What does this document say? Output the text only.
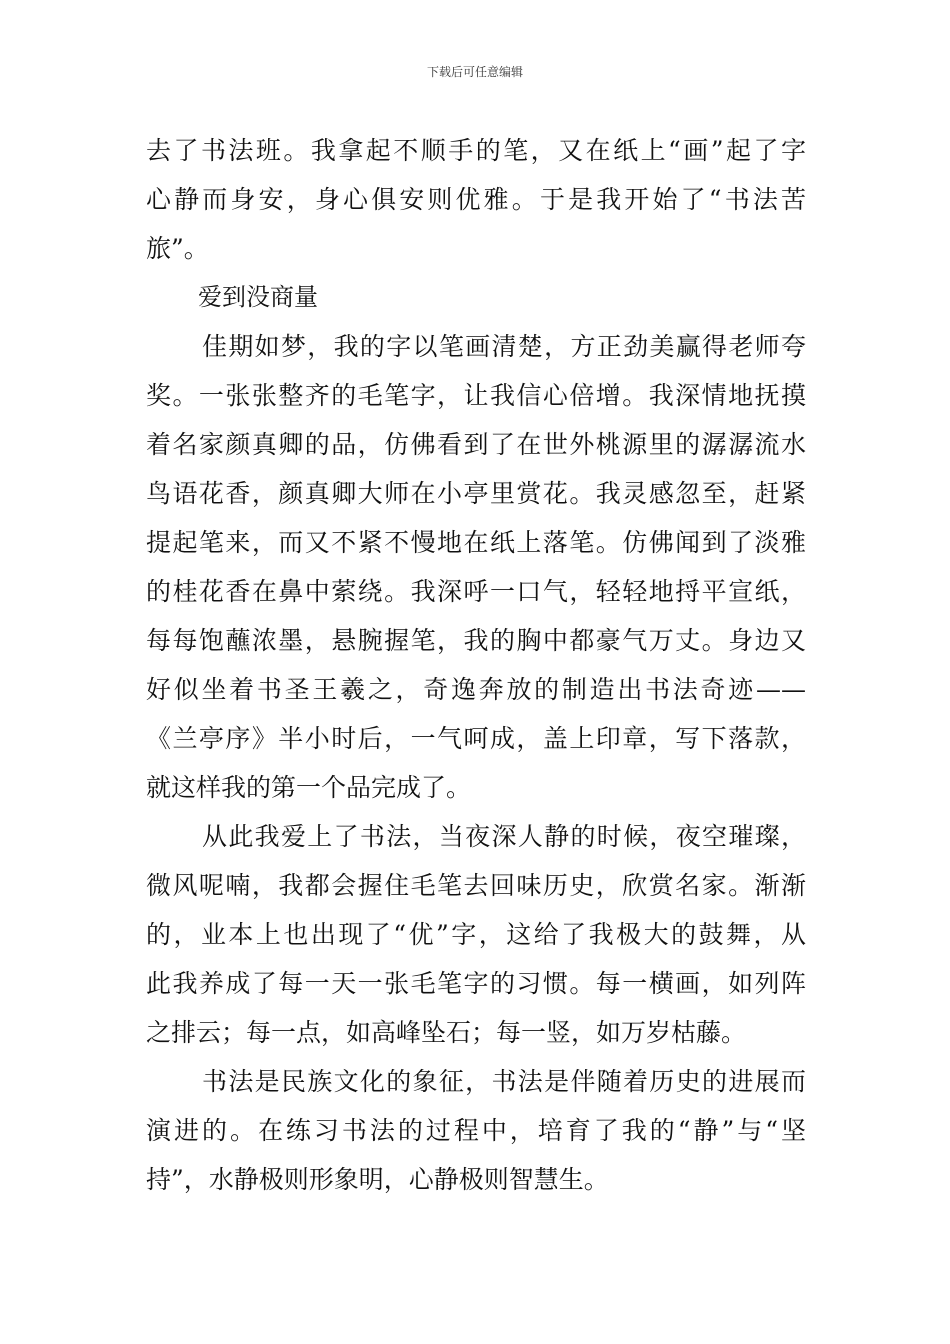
下载后可任意编辑
去了书法班。我拿起不顺手的笔，又在纸上“画”起了字
心静而身安，身心俱安则优雅。于是我开始了“书法苦
旅”。
爱到没商量
佳期如梦，我的字以笔画清楚，方正劲美赢得老师夸
奖。一张张整齐的毛笔字，让我信心倍增。我深情地抚摸
着名家颜真卿的品，仿佛看到了在世外桃源里的潺潺流水
鸟语花香，颜真卿大师在小亭里赏花。我灵感忽至，赶紧
提起笔来，而又不紧不慢地在纸上落笔。仿佛闻到了淡雅
的桂花香在鼻中萦绕。我深呼一口气，轻轻地捋平宣纸，
每每饱蘸浓墨，悬腕握笔，我的胸中都豪气万丈。身边又
好似坐着书圣王羲之，奇逸奔放的制造出书法奇迹——
《兰亭序》半小时后，一气呵成，盖上印章，写下落款，
就这样我的第一个品完成了。
从此我爱上了书法，当夜深人静的时候，夜空璀璨，
微风呢喃，我都会握住毛笔去回味历史，欣赏名家。渐渐
的，业本上也出现了“优”字，这给了我极大的鼓舞，从
此我养成了每一天一张毛笔字的习惯。每一横画，如列阵
之排云；每一点，如高峰坠石；每一竖，如万岁枯藤。
书法是民族文化的象征，书法是伴随着历史的进展而
演进的。在练习书法的过程中，培育了我的“静”与“坚
持”，水静极则形象明，心静极则智慧生。
